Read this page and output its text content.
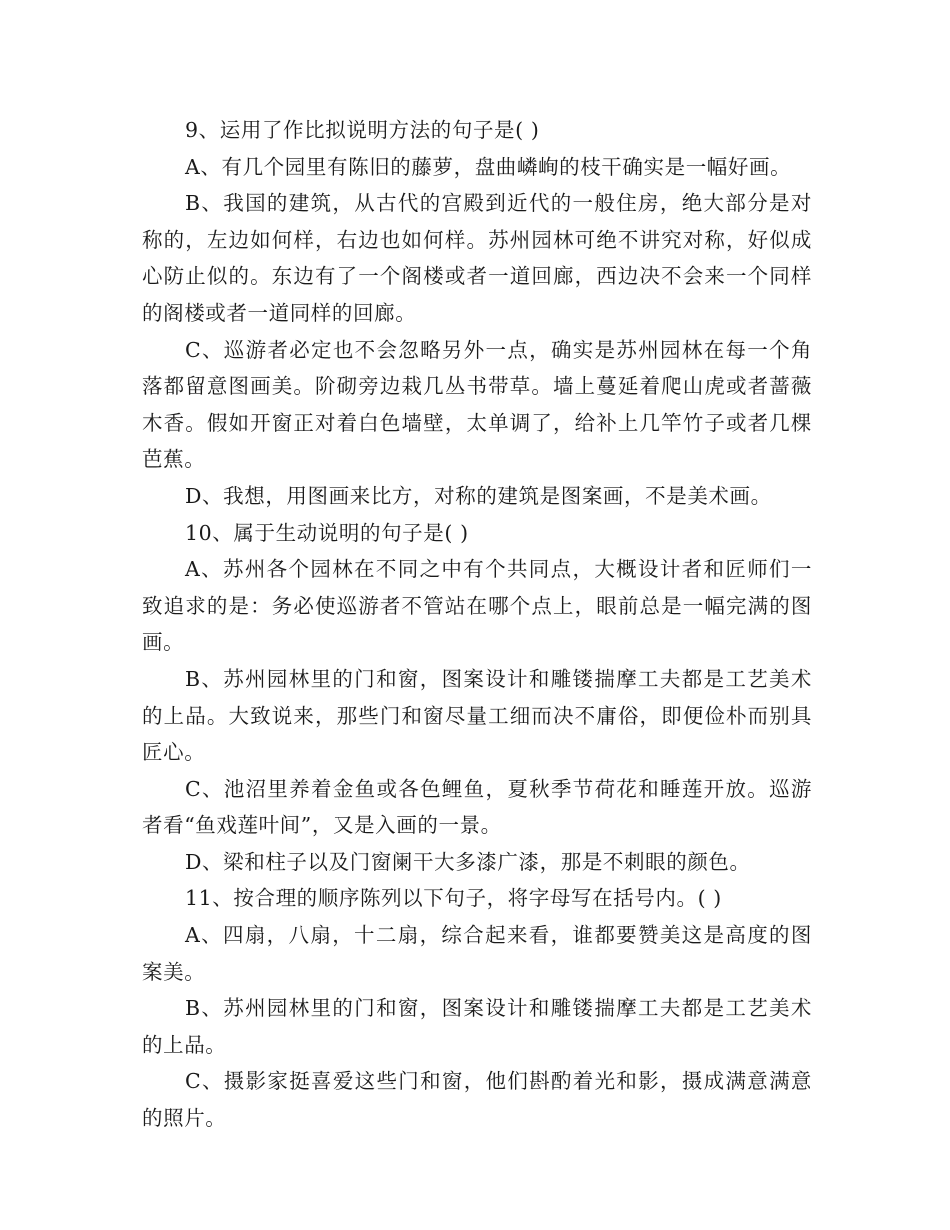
9、运用了作比拟说明方法的句子是( )

A、有几个园里有陈旧的藤萝，盘曲嶙峋的枝干确实是一幅好画。

B、我国的建筑，从古代的宫殿到近代的一般住房，绝大部分是对称的，左边如何样，右边也如何样。苏州园林可绝不讲究对称，好似成心防止似的。东边有了一个阁楼或者一道回廊，西边决不会来一个同样的阁楼或者一道同样的回廊。

C、巡游者必定也不会忽略另外一点，确实是苏州园林在每一个角落都留意图画美。阶砌旁边栽几丛书带草。墙上蔓延着爬山虎或者蔷薇木香。假如开窗正对着白色墙壁，太单调了，给补上几竿竹子或者几棵芭蕉。

D、我想，用图画来比方，对称的建筑是图案画，不是美术画。

10、属于生动说明的句子是( )

A、苏州各个园林在不同之中有个共同点，大概设计者和匠师们一致追求的是：务必使巡游者不管站在哪个点上，眼前总是一幅完满的图画。

B、苏州园林里的门和窗，图案设计和雕镂揣摩工夫都是工艺美术的上品。大致说来，那些门和窗尽量工细而决不庸俗，即便俭朴而别具匠心。

C、池沼里养着金鱼或各色鲤鱼，夏秋季节荷花和睡莲开放。巡游者看“鱼戏莲叶间”，又是入画的一景。

D、梁和柱子以及门窗阑干大多漆广漆，那是不刺眼的颜色。

11、按合理的顺序陈列以下句子，将字母写在括号内。( )

A、四扇，八扇，十二扇，综合起来看，谁都要赞美这是高度的图案美。

B、苏州园林里的门和窗，图案设计和雕镂揣摩工夫都是工艺美术的上品。

C、摄影家挺喜爱这些门和窗，他们斟酌着光和影，摄成满意满意的照片。
